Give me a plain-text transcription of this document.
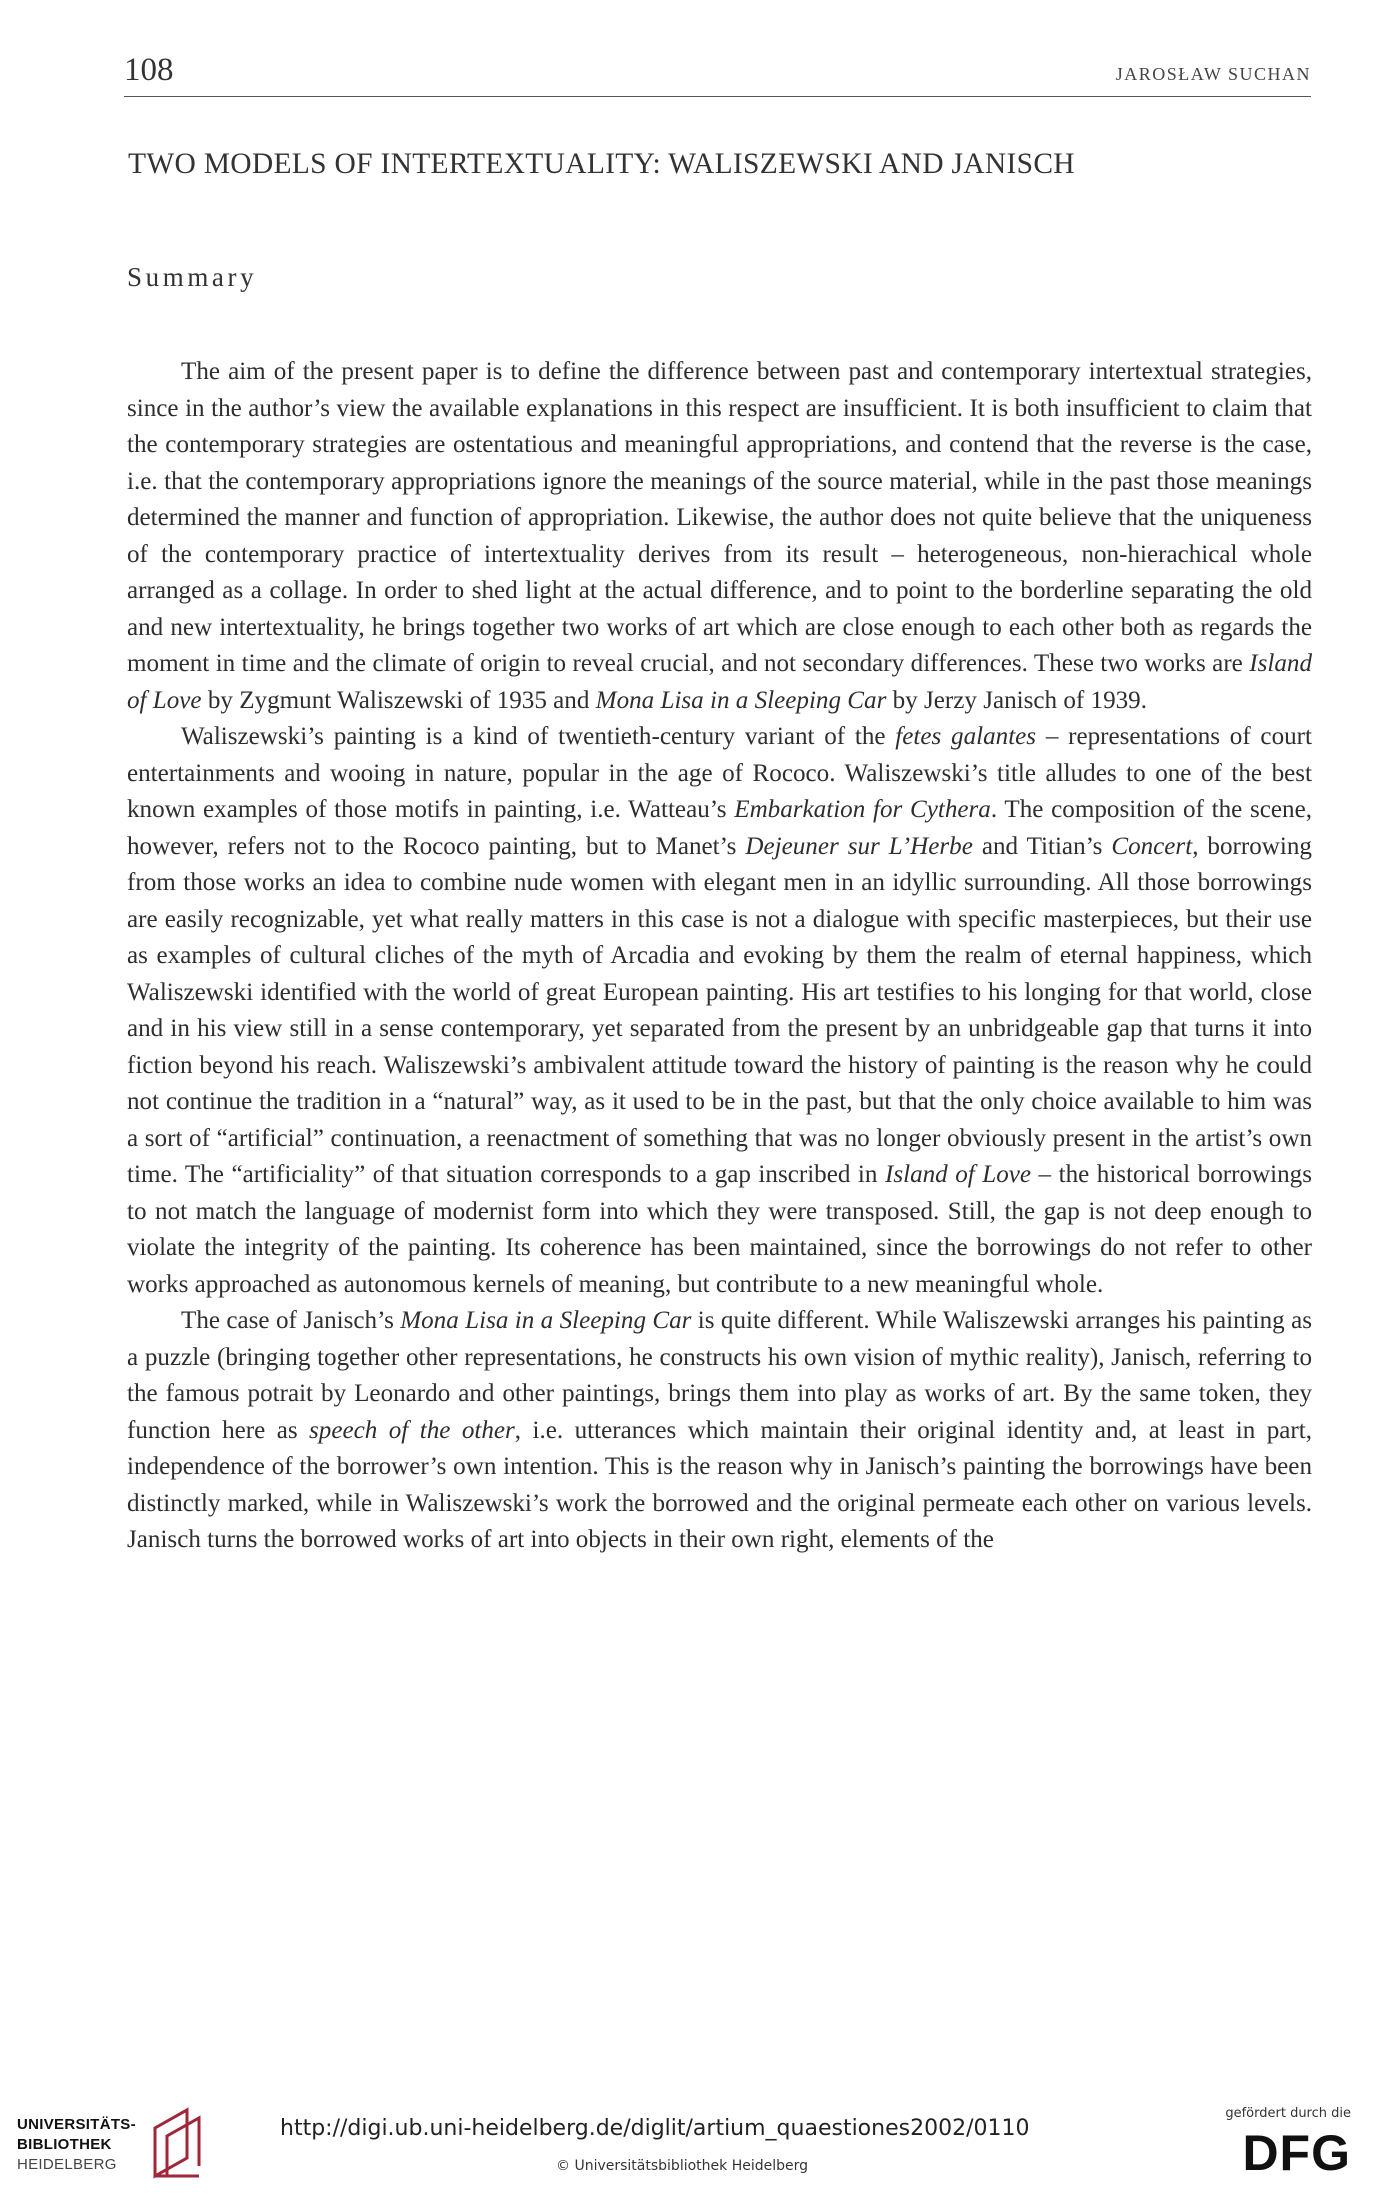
108	JAROSŁAW SUCHAN
TWO MODELS OF INTERTEXTUALITY: WALISZEWSKI AND JANISCH
Summary

The aim of the present paper is to define the difference between past and contemporary intertextual strategies, since in the author’s view the available explanations in this respect are insufficient. It is both insufficient to claim that the contemporary strategies are ostentatious and meaningful appropriations, and contend that the reverse is the case, i.e. that the contemporary appropriations ignore the meanings of the source material, while in the past those meanings determined the manner and function of appropriation. Likewise, the author does not quite believe that the uniqueness of the contemporary practice of intertextuality derives from its result – heterogeneous, non-hierachical whole arranged as a collage. In order to shed light at the actual difference, and to point to the borderline separating the old and new intertextuality, he brings together two works of art which are close enough to each other both as regards the moment in time and the climate of origin to reveal crucial, and not secondary differences. These two works are Island of Love by Zygmunt Waliszewski of 1935 and Mona Lisa in a Sleeping Car by Jerzy Janisch of 1939.

Waliszewski’s painting is a kind of twentieth-century variant of the fetes galantes – representations of court entertainments and wooing in nature, popular in the age of Rococo. Waliszewski’s title alludes to one of the best known examples of those motifs in painting, i.e. Watteau’s Embarkation for Cythera. The composition of the scene, however, refers not to the Rococo painting, but to Manet’s Dejeuner sur L’Herbe and Titian’s Concert, borrowing from those works an idea to combine nude women with elegant men in an idyllic surrounding. All those borrowings are easily recognizable, yet what really matters in this case is not a dialogue with specific masterpieces, but their use as examples of cultural cliches of the myth of Arcadia and evoking by them the realm of eternal happiness, which Waliszewski identified with the world of great European painting. His art testifies to his longing for that world, close and in his view still in a sense contemporary, yet separated from the present by an unbridgeable gap that turns it into fiction beyond his reach. Waliszewski’s ambivalent attitude toward the history of painting is the reason why he could not continue the tradition in a “natural” way, as it used to be in the past, but that the only choice available to him was a sort of “artificial” continuation, a reenactment of something that was no longer obviously present in the artist’s own time. The “artificiality” of that situation corresponds to a gap inscribed in Island of Love – the historical borrowings to not match the language of modernist form into which they were transposed. Still, the gap is not deep enough to violate the integrity of the painting. Its coherence has been maintained, since the borrowings do not refer to other works approached as autonomous kernels of meaning, but contribute to a new meaningful whole.

The case of Janisch’s Mona Lisa in a Sleeping Car is quite different. While Waliszewski arranges his painting as a puzzle (bringing together other representations, he constructs his own vision of mythic reality), Janisch, referring to the famous potrait by Leonardo and other paintings, brings them into play as works of art. By the same token, they function here as speech of the other, i.e. utterances which maintain their original identity and, at least in part, independence of the borrower’s own intention. This is the reason why in Janisch’s painting the borrowings have been distinctly marked, while in Waliszewski’s work the borrowed and the original permeate each other on various levels. Janisch turns the borrowed works of art into objects in their own right, elements of the

UNIVERSITÄTS-
BIBLIOTHEK
HEIDELBERG
http://digi.ub.uni-heidelberg.de/diglit/artium_quaestiones2002/0110
© Universitätsbibliothek Heidelberg
gefördert durch die
DFG
